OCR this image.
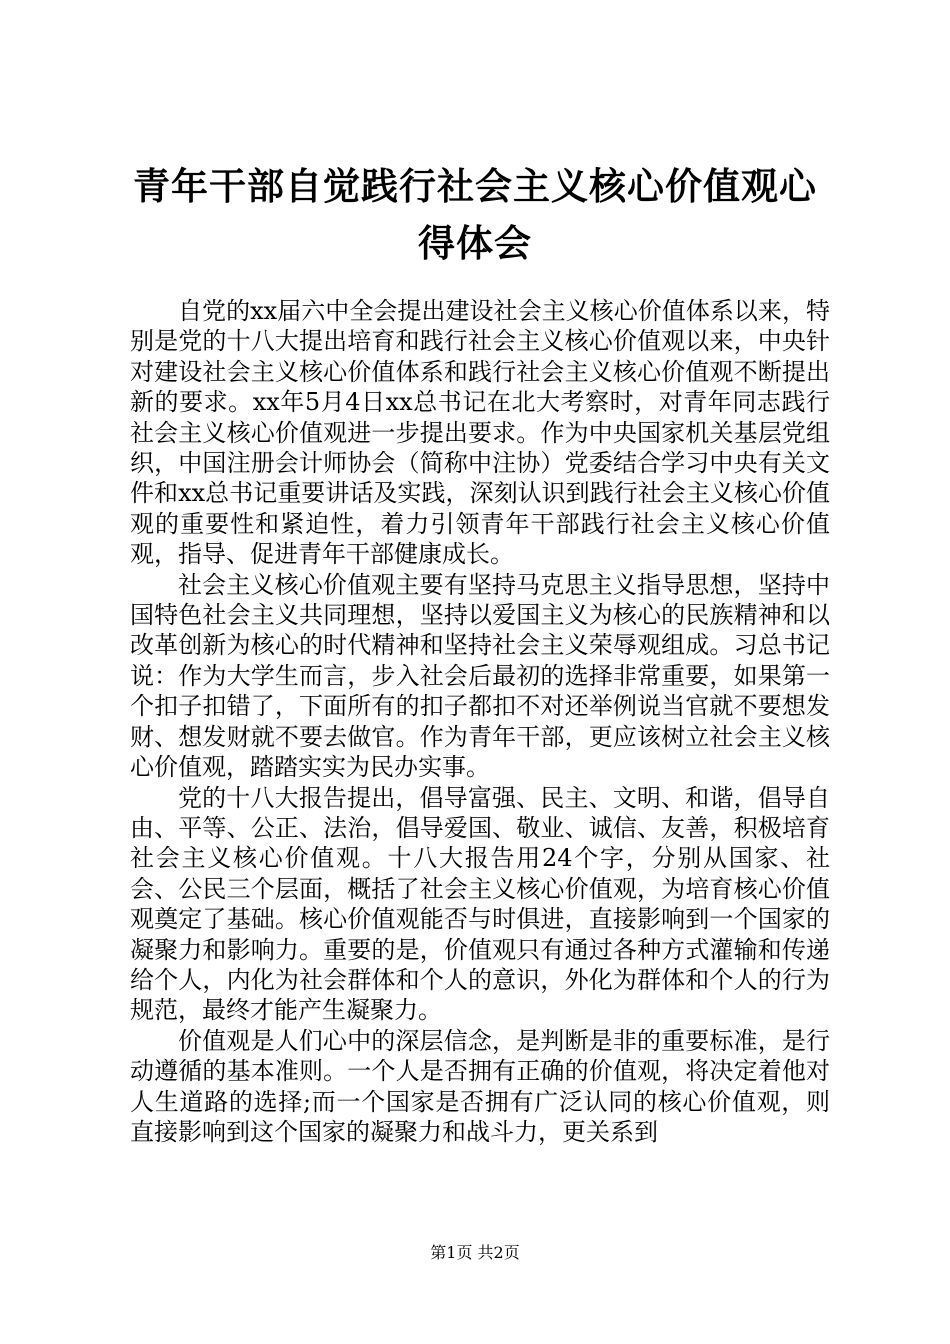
青年干部自觉践行社会主义核心价值观心得体会

自党的xx届六中全会提出建设社会主义核心价值体系以来，特别是党的十八大提出培育和践行社会主义核心价值观以来，中央针对建设社会主义核心价值体系和践行社会主义核心价值观不断提出新的要求。xx年5月4日xx总书记在北大考察时，对青年同志践行社会主义核心价值观进一步提出要求。作为中央国家机关基层党组织，中国注册会计师协会（简称中注协）党委结合学习中央有关文件和xx总书记重要讲话及实践，深刻认识到践行社会主义核心价值观的重要性和紧迫性，着力引领青年干部践行社会主义核心价值观，指导、促进青年干部健康成长。

社会主义核心价值观主要有坚持马克思主义指导思想，坚持中国特色社会主义共同理想，坚持以爱国主义为核心的民族精神和以改革创新为核心的时代精神和坚持社会主义荣辱观组成。习总书记说：作为大学生而言，步入社会后最初的选择非常重要，如果第一个扣子扣错了，下面所有的扣子都扣不对还举例说当官就不要想发财、想发财就不要去做官。作为青年干部，更应该树立社会主义核心价值观，踏踏实实为民办实事。

党的十八大报告提出，倡导富强、民主、文明、和谐，倡导自由、平等、公正、法治，倡导爱国、敬业、诚信、友善，积极培育社会主义核心价值观。十八大报告用24个字，分别从国家、社会、公民三个层面，概括了社会主义核心价值观，为培育核心价值观奠定了基础。核心价值观能否与时俱进，直接影响到一个国家的凝聚力和影响力。重要的是，价值观只有通过各种方式灌输和传递给个人，内化为社会群体和个人的意识，外化为群体和个人的行为规范，最终才能产生凝聚力。

价值观是人们心中的深层信念，是判断是非的重要标准，是行动遵循的基本准则。一个人是否拥有正确的价值观，将决定着他对人生道路的选择;而一个国家是否拥有广泛认同的核心价值观，则直接影响到这个国家的凝聚力和战斗力，更关系到

第1页 共2页
